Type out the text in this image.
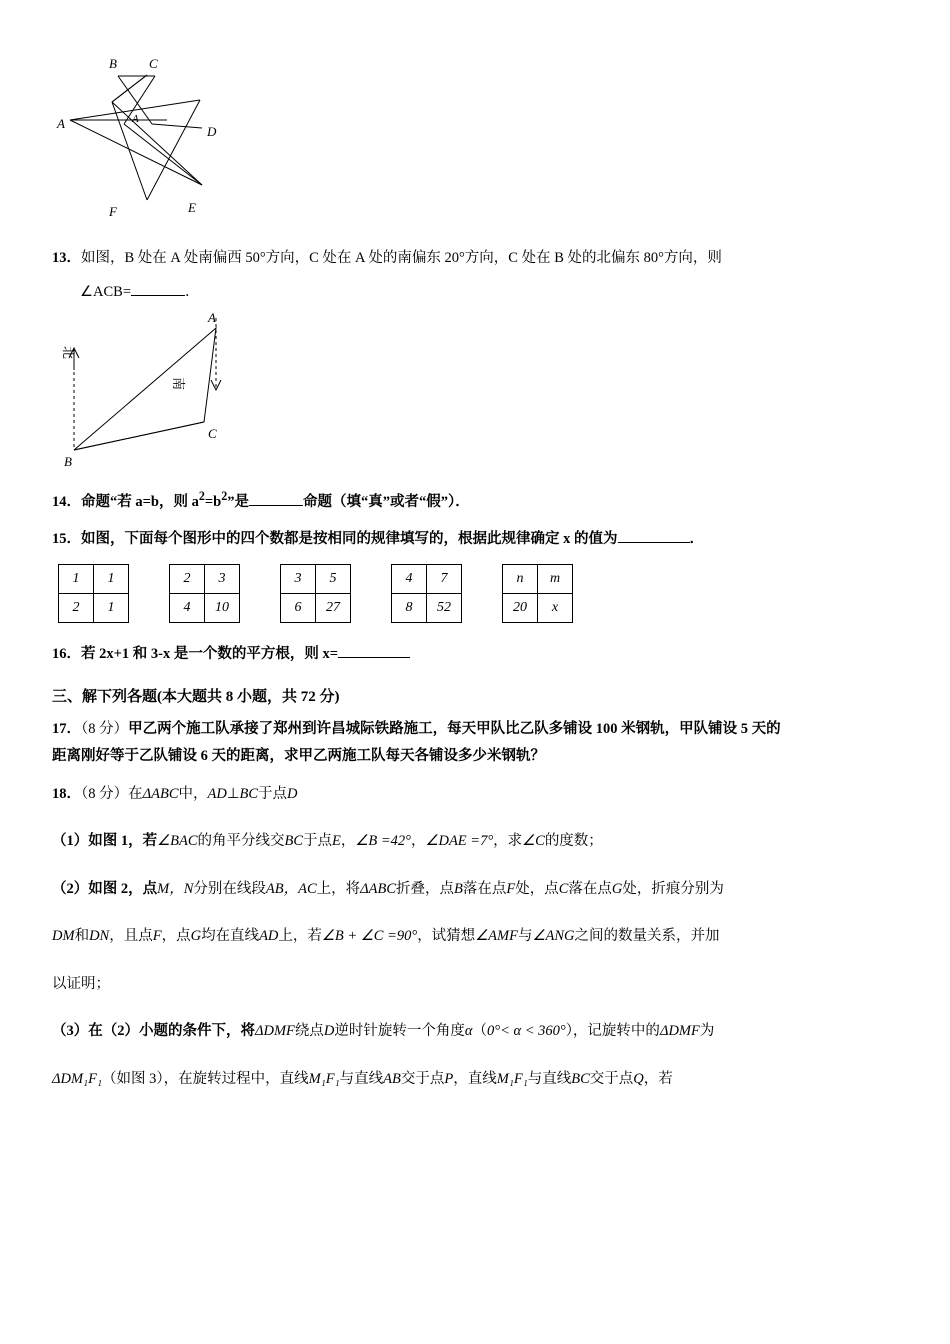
B C
A	A
D
F	E
13．如图，B 处在 A 处南偏西 50°方向，C 处在 A 处的南偏东 20°方向，C 处在 B 处的北偏东 80°方向，则
∠ACB=	．
A
C
B
北
南
14．命题“若 a=b，则 $a^2=b^2$”是	命题（填“真”或者“假”）．
15．如图，下面每个图形中的四个数都是按相同的规律填写的，根据此规律确定 x 的值为	．
1	1
2	1
2	3
4	10
3	5
6	27
4	7
8	52
n	m
20	x
16．若 2x+1 和 3-x 是一个数的平方根，则 x=
三、解下列各题(本大题共 8 小题，共 72 分)
17．（8 分）甲乙两个施工队承接了郑州到许昌城际铁路施工，每天甲队比乙队多铺设 100 米钢轨，甲队铺设 5 天的
距离刚好等于乙队铺设 6 天的距离，求甲乙两施工队每天各铺设多少米钢轨？
18．（8 分）在ΔABC中，AD⊥BC于点D
（1）如图 1，若∠BAC的角平分线交BC于点E，∠B =42°，∠DAE =7°，求∠C的度数；
（2）如图 2，点M，N分别在线段AB，AC上，将ΔABC折叠，点B落在点F处，点C落在点G处，折痕分别为
DM和DN，且点F，点G均在直线AD上，若∠B + ∠C =90°，试猜想∠AMF与∠ANG之间的数量关系，并加
以证明；
（3）在（2）小题的条件下，将ΔDMF绕点D逆时针旋转一个角度α（0°< α < 360°），记旋转中的ΔDMF为
ΔDM₁F₁（如图 3），在旋转过程中，直线M₁F₁与直线AB交于点P，直线M₁F₁与直线BC交于点Q，若
